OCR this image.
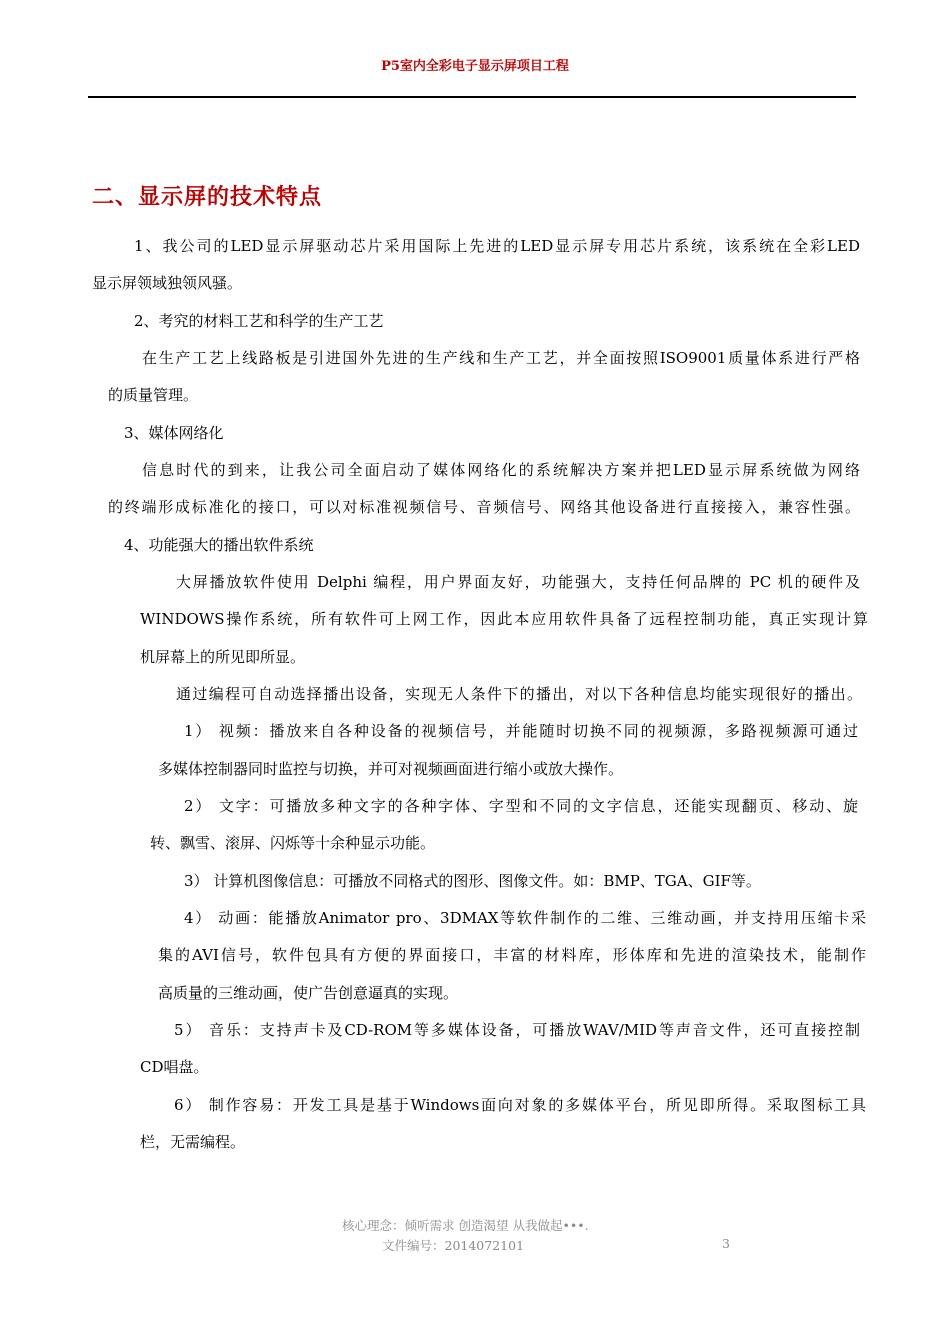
P5室内全彩电子显示屏项目工程
二、显示屏的技术特点
1、我公司的LED显示屏驱动芯片采用国际上先进的LED显示屏专用芯片系统，该系统在全彩LED
显示屏领域独领风骚。
2、考究的材料工艺和科学的生产工艺
在生产工艺上线路板是引进国外先进的生产线和生产工艺，并全面按照ISO9001质量体系进行严格
的质量管理。
3、媒体网络化
信息时代的到来，让我公司全面启动了媒体网络化的系统解决方案并把LED显示屏系统做为网络
的终端形成标准化的接口，可以对标准视频信号、音频信号、网络其他设备进行直接接入，兼容性强。
4、功能强大的播出软件系统
大屏播放软件使用 Delphi 编程，用户界面友好，功能强大，支持任何品牌的 PC 机的硬件及
WINDOWS操作系统，所有软件可上网工作，因此本应用软件具备了远程控制功能，真正实现计算
机屏幕上的所见即所显。
通过编程可自动选择播出设备，实现无人条件下的播出，对以下各种信息均能实现很好的播出。
1） 视频：播放来自各种设备的视频信号，并能随时切换不同的视频源，多路视频源可通过
多媒体控制器同时监控与切换，并可对视频画面进行缩小或放大操作。
2） 文字：可播放多种文字的各种字体、字型和不同的文字信息，还能实现翻页、移动、旋
转、飘雪、滚屏、闪烁等十余种显示功能。
3） 计算机图像信息：可播放不同格式的图形、图像文件。如：BMP、TGA、GIF等。
4） 动画：能播放Animator pro、3DMAX等软件制作的二维、三维动画，并支持用压缩卡采
集的AVI信号，软件包具有方便的界面接口，丰富的材料库，形体库和先进的渲染技术，能制作
高质量的三维动画，使广告创意逼真的实现。
5） 音乐：支持声卡及CD-ROM等多媒体设备，可播放WAV/MID等声音文件，还可直接控制
CD唱盘。
6） 制作容易：开发工具是基于Windows面向对象的多媒体平台，所见即所得。采取图标工具
栏，无需编程。
核心理念：倾听需求 创造渴望 从我做起•••.
文件编号：2014072101	3
